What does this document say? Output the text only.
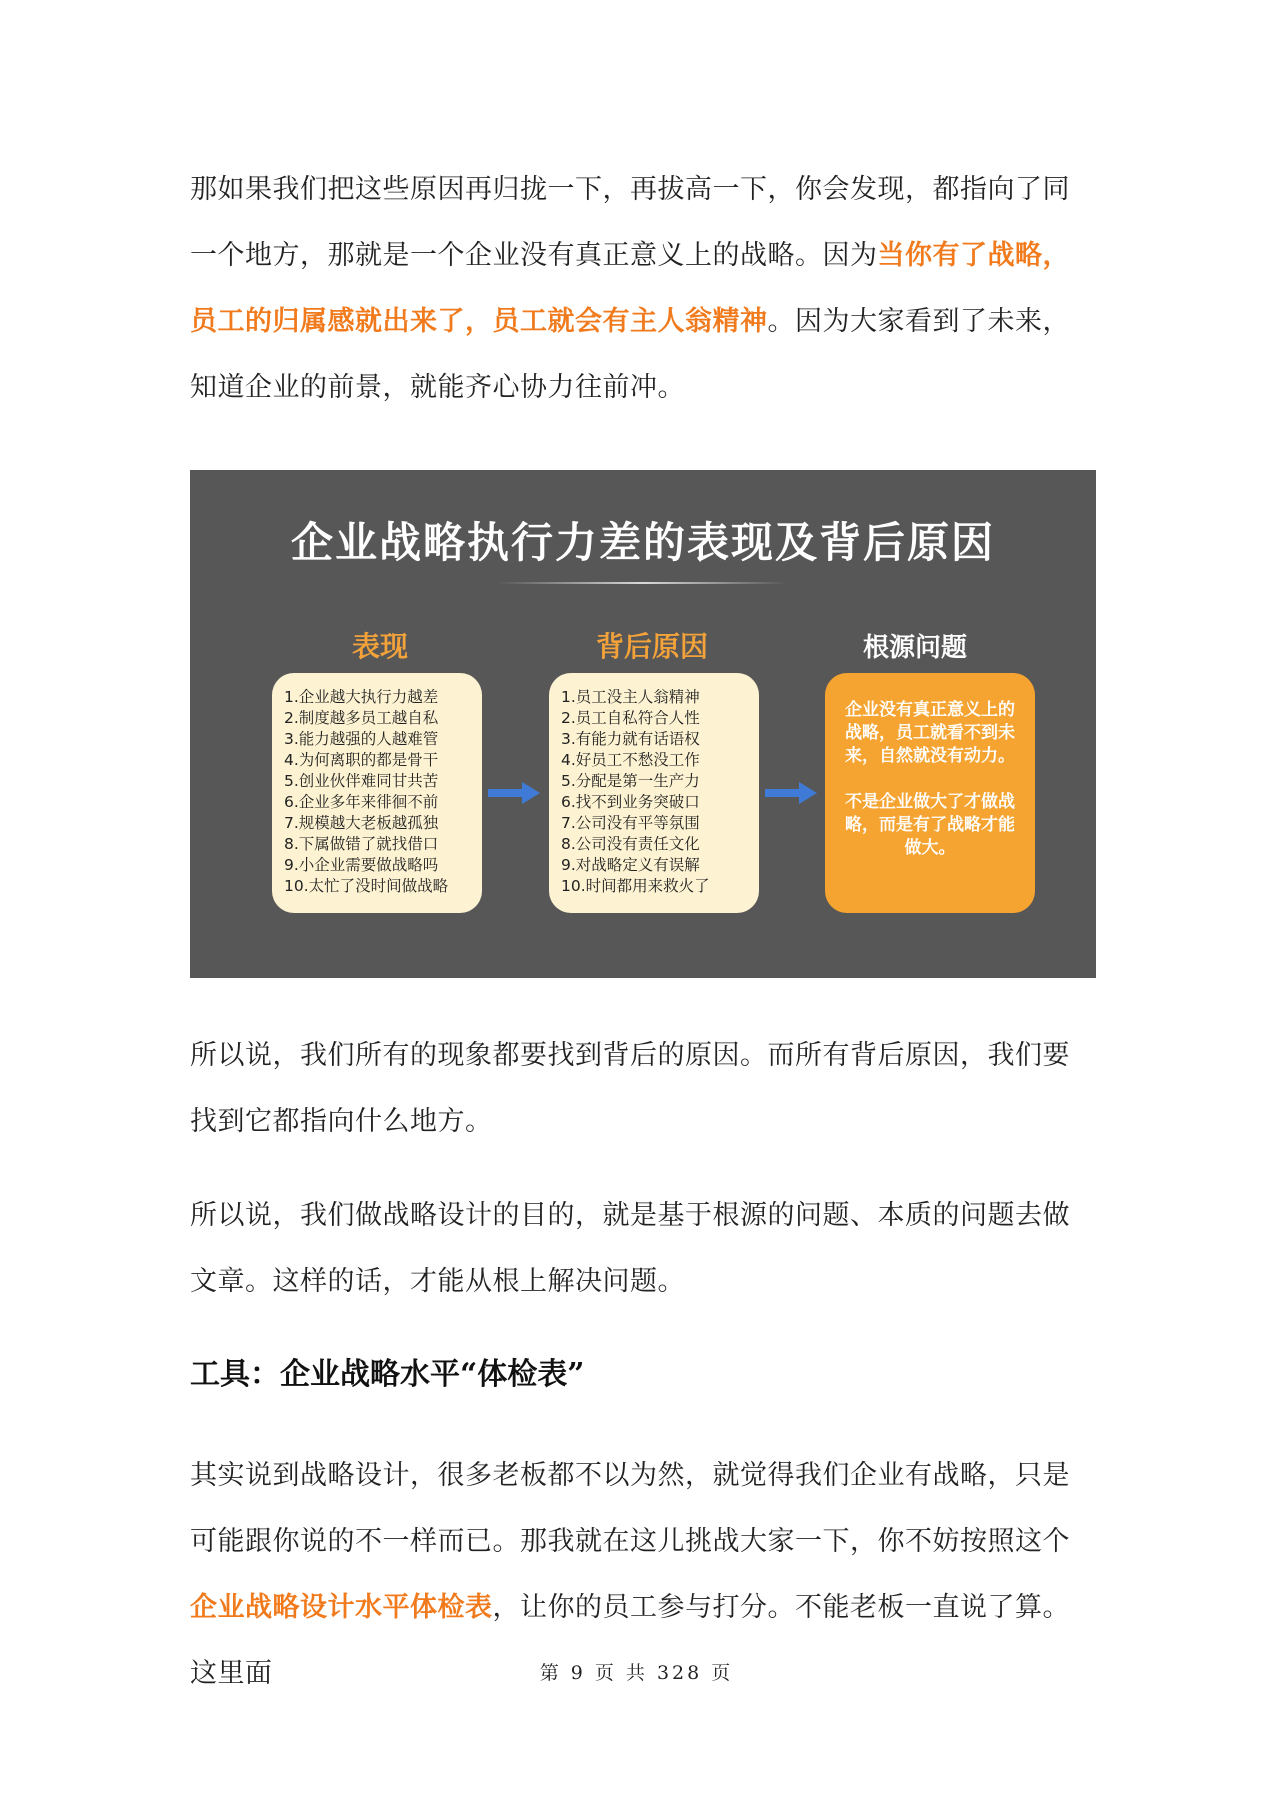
那如果我们把这些原因再归拢一下，再拔高一下，你会发现，都指向了同一个地方，那就是一个企业没有真正意义上的战略。因为当你有了战略，员工的归属感就出来了，员工就会有主人翁精神。因为大家看到了未来，知道企业的前景，就能齐心协力往前冲。

企业战略执行力差的表现及背后原因
表现	背后原因	根源问题
1.企业越大执行力越差
2.制度越多员工越自私
3.能力越强的人越难管
4.为何离职的都是骨干
5.创业伙伴难同甘共苦
6.企业多年来徘徊不前
7.规模越大老板越孤独
8.下属做错了就找借口
9.小企业需要做战略吗
10.太忙了没时间做战略
1.员工没主人翁精神
2.员工自私符合人性
3.有能力就有话语权
4.好员工不愁没工作
5.分配是第一生产力
6.找不到业务突破口
7.公司没有平等氛围
8.公司没有责任文化
9.对战略定义有误解
10.时间都用来救火了

企业没有真正意义上的战略，员工就看不到未来，自然就没有动力。

不是企业做大了才做战略，而是有了战略才能做大。

所以说，我们所有的现象都要找到背后的原因。而所有背后原因，我们要找到它都指向什么地方。

所以说，我们做战略设计的目的，就是基于根源的问题、本质的问题去做文章。这样的话，才能从根上解决问题。

工具：企业战略水平“体检表”

其实说到战略设计，很多老板都不以为然，就觉得我们企业有战略，只是可能跟你说的不一样而已。那我就在这儿挑战大家一下，你不妨按照这个企业战略设计水平体检表，让你的员工参与打分。不能老板一直说了算。这里面	第 9 页 共 328 页
